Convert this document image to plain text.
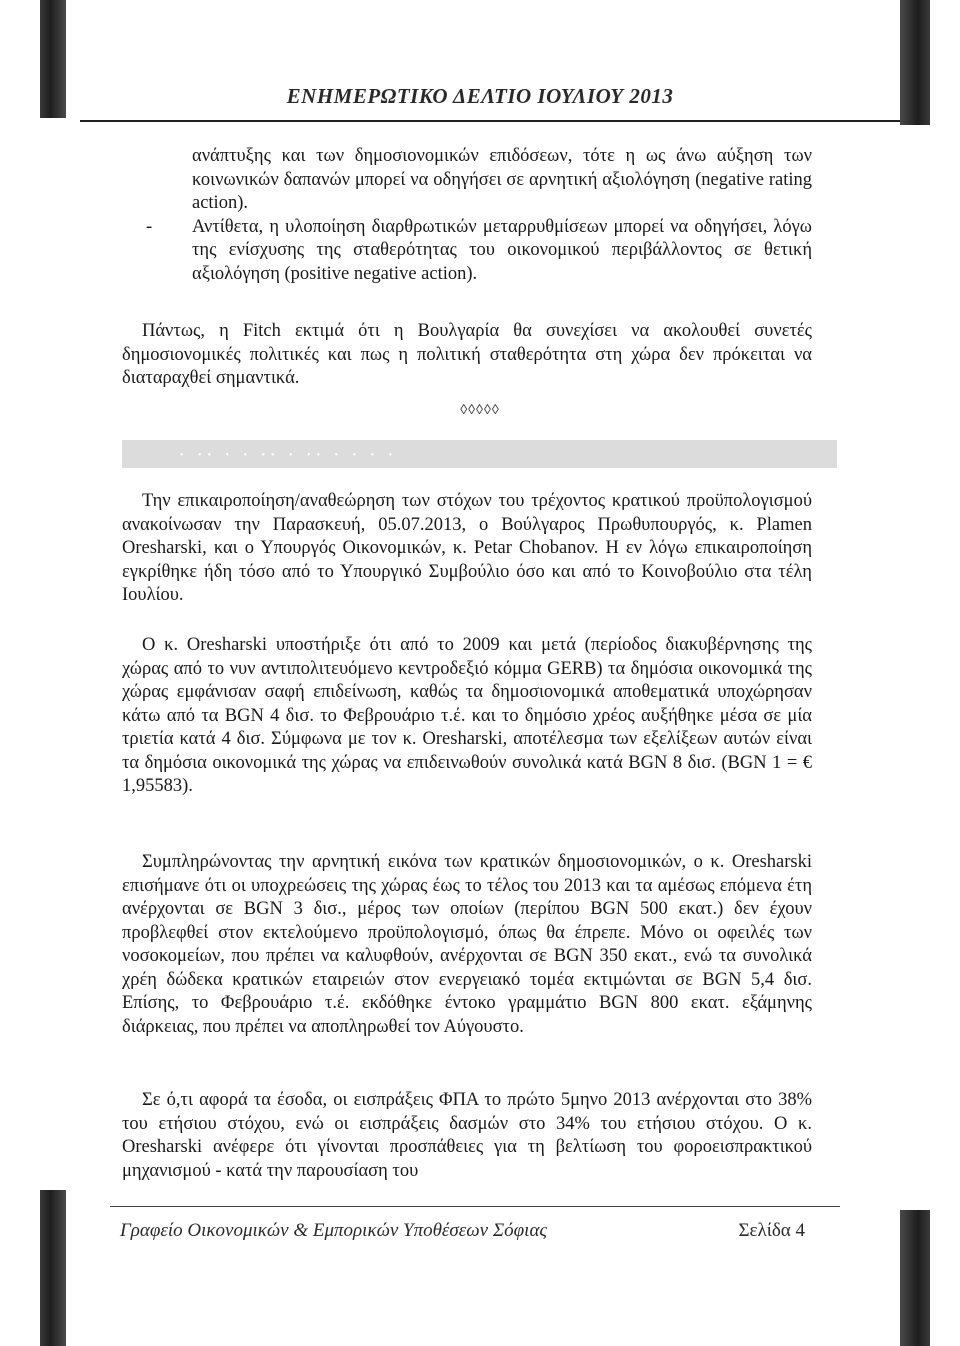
ΕΝΗΜΕΡΩΤΙΚΟ ΔΕΛΤΙΟ ΙΟΥΛΙΟΥ 2013

ανάπτυξης και των δημοσιονομικών επιδόσεων, τότε η ως άνω αύξηση των κοινωνικών δαπανών μπορεί να οδηγήσει σε αρνητική αξιολόγηση (negative rating action).

- Αντίθετα, η υλοποίηση διαρθρωτικών μεταρρυθμίσεων μπορεί να οδηγήσει, λόγω της ενίσχυσης της σταθερότητας του οικονομικού περιβάλλοντος σε θετική αξιολόγηση (positive negative action).

Πάντως, η Fitch εκτιμά ότι η Βουλγαρία θα συνεχίσει να ακολουθεί συνετές δημοσιονομικές πολιτικές και πως η πολιτική σταθερότητα στη χώρα δεν πρόκειται να διαταραχθεί σημαντικά.

◊◊◊◊◊
• •• • • •• • •• • • • •

Την επικαιροποίηση/αναθεώρηση των στόχων του τρέχοντος κρατικού προϋπολογισμού ανακοίνωσαν την Παρασκευή, 05.07.2013, ο Βούλγαρος Πρωθυπουργός, κ. Plamen Oresharski, και ο Υπουργός Οικονομικών, κ. Petar Chobanov. Η εν λόγω επικαιροποίηση εγκρίθηκε ήδη τόσο από το Υπουργικό Συμβούλιο όσο και από το Κοινοβούλιο στα τέλη Ιουλίου.

Ο κ. Oresharski υποστήριξε ότι από το 2009 και μετά (περίοδος διακυβέρνησης της χώρας από το νυν αντιπολιτευόμενο κεντροδεξιό κόμμα GERB) τα δημόσια οικονομικά της χώρας εμφάνισαν σαφή επιδείνωση, καθώς τα δημοσιονομικά αποθεματικά υποχώρησαν κάτω από τα BGN 4 δισ. το Φεβρουάριο τ.έ. και το δημόσιο χρέος αυξήθηκε μέσα σε μία τριετία κατά 4 δισ. Σύμφωνα με τον κ. Oresharski, αποτέλεσμα των εξελίξεων αυτών είναι τα δημόσια οικονομικά της χώρας να επιδεινωθούν συνολικά κατά BGN 8 δισ. (BGN 1 = € 1,95583).

Συμπληρώνοντας την αρνητική εικόνα των κρατικών δημοσιονομικών, ο κ. Oresharski επισήμανε ότι οι υποχρεώσεις της χώρας έως το τέλος του 2013 και τα αμέσως επόμενα έτη ανέρχονται σε BGN 3 δισ., μέρος των οποίων (περίπου BGN 500 εκατ.) δεν έχουν προβλεφθεί στον εκτελούμενο προϋπολογισμό, όπως θα έπρεπε. Μόνο οι οφειλές των νοσοκομείων, που πρέπει να καλυφθούν, ανέρχονται σε BGN 350 εκατ., ενώ τα συνολικά χρέη δώδεκα κρατικών εταιρειών στον ενεργειακό τομέα εκτιμώνται σε BGN 5,4 δισ. Επίσης, το Φεβρουάριο τ.έ. εκδόθηκε έντοκο γραμμάτιο BGN 800 εκατ. εξάμηνης διάρκειας, που πρέπει να αποπληρωθεί τον Αύγουστο.

Σε ό,τι αφορά τα έσοδα, οι εισπράξεις ΦΠΑ το πρώτο 5μηνο 2013 ανέρχονται στο 38% του ετήσιου στόχου, ενώ οι εισπράξεις δασμών στο 34% του ετήσιου στόχου. Ο κ. Oresharski ανέφερε ότι γίνονται προσπάθειες για τη βελτίωση του φοροεισπρακτικού μηχανισμού - κατά την παρουσίαση του

Γραφείο Οικονομικών & Εμπορικών Υποθέσεων Σόφιας	Σελίδα 4
